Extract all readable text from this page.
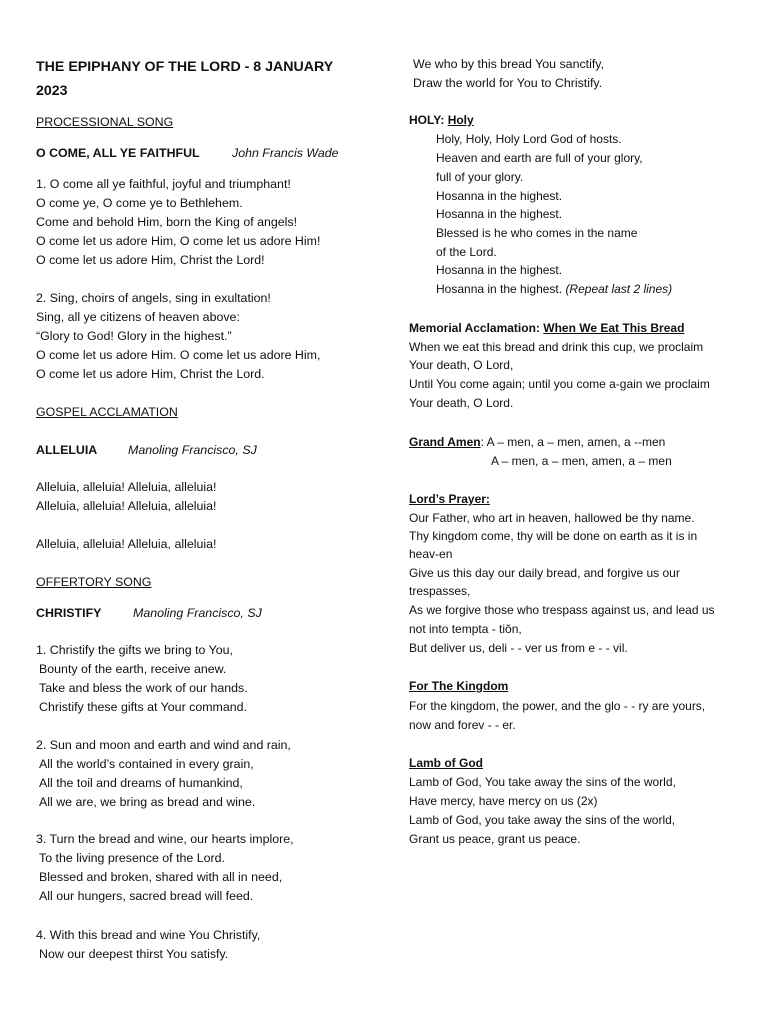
THE EPIPHANY OF THE LORD - 8 JANUARY
2023
PROCESSIONAL SONG
O COME, ALL YE FAITHFUL	John Francis Wade
1. O come all ye faithful, joyful and triumphant!
O come ye, O come ye to Bethlehem.
Come and behold Him, born the King of angels!
O come let us adore Him, O come let us adore Him!
O come let us adore Him, Christ the Lord!
2. Sing, choirs of angels, sing in exultation!
Sing, all ye citizens of heaven above:
“Glory to God! Glory in the highest.”
O come let us adore Him. O come let us adore Him,
O come let us adore Him, Christ the Lord.
GOSPEL ACCLAMATION
ALLELUIA Manoling Francisco, SJ
Alleluia, alleluia! Alleluia, alleluia!
Alleluia, alleluia! Alleluia, alleluia!
Alleluia, alleluia! Alleluia, alleluia!
OFFERTORY SONG
CHRISTIFY	Manoling Francisco, SJ
1. Christify the gifts we bring to You,
Bounty of the earth, receive anew.
Take and bless the work of our hands.
Christify these gifts at Your command.
2. Sun and moon and earth and wind and rain,
All the world’s contained in every grain,
All the toil and dreams of humankind,
All we are, we bring as bread and wine.
3. Turn the bread and wine, our hearts implore,
To the living presence of the Lord.
Blessed and broken, shared with all in need,
All our hungers, sacred bread will feed.
4. With this bread and wine You Christify,
Now our deepest thirst You satisfy.
We who by this bread You sanctify,
Draw the world for You to Christify.
HOLY: Holy
Holy, Holy, Holy Lord God of hosts.
Heaven and earth are full of your glory,
full of your glory.
Hosanna in the highest.
Hosanna in the highest.
Blessed is he who comes in the name
of the Lord.
Hosanna in the highest.
Hosanna in the highest. (Repeat last 2 lines)
Memorial Acclamation: When We Eat This Bread
When we eat this bread and drink this cup, we proclaim
Your death, O Lord,
Until You come again; until you come a-gain we proclaim
Your death, O Lord.
Grand Amen: A – men, a – men, amen, a --men
A – men, a – men, amen, a – men
Lord’s Prayer:
Our Father, who art in heaven, hallowed be thy name.
Thy kingdom come, thy will be done on earth as it is in
heav-en
Give us this day our daily bread, and forgive us our
trespasses,
As we forgive those who trespass against us, and lead us
not into tempta - tiŏn,
But deliver us, deli - - ver us from e - - vil.
For The Kingdom
For the kingdom, the power, and the glo - - ry are yours,
now and forev - - er.
Lamb of God
Lamb of God, You take away the sins of the world,
Have mercy, have mercy on us (2x)
Lamb of God, you take away the sins of the world,
Grant us peace, grant us peace.
